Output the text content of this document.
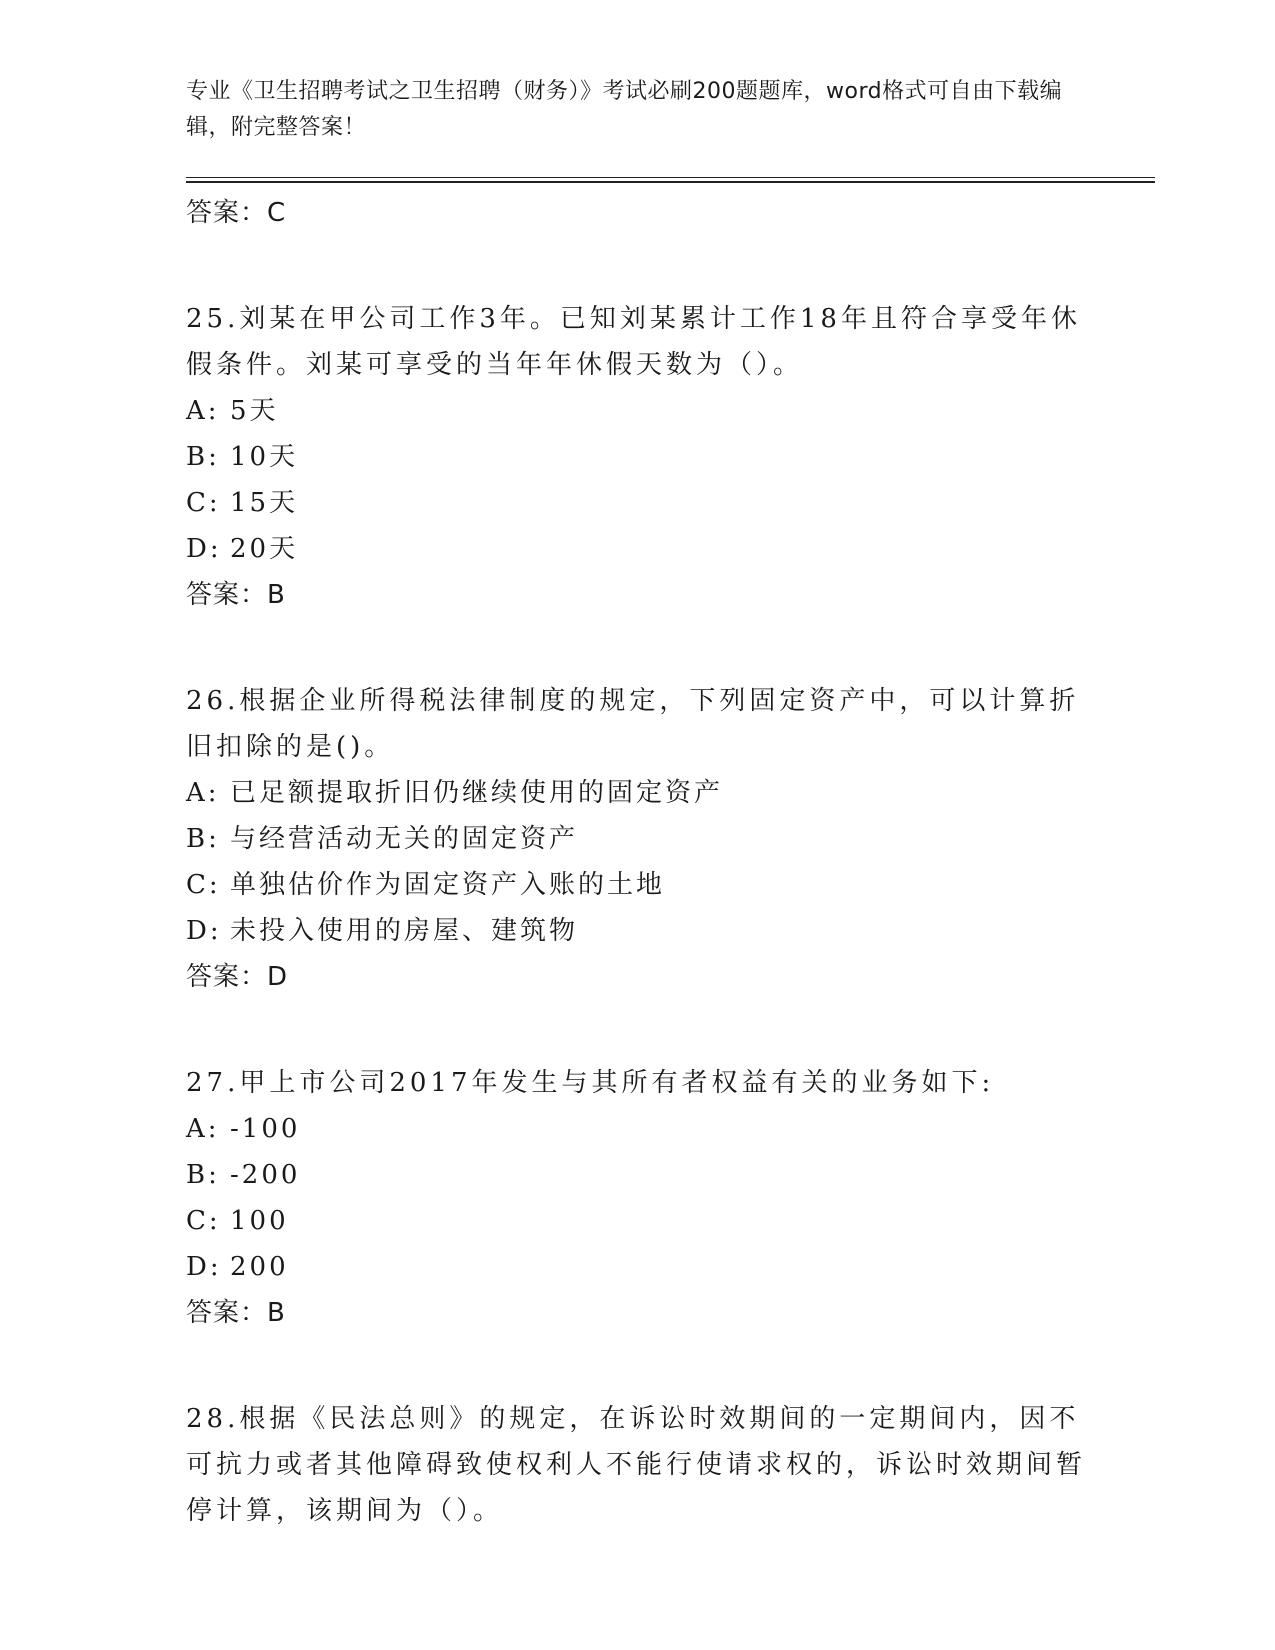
专业《卫生招聘考试之卫生招聘（财务）》考试必刷200题题库，word格式可自由下载编辑，附完整答案！
答案：C

25.刘某在甲公司工作3年。已知刘某累计工作18年且符合享受年休假条件。刘某可享受的当年年休假天数为（）。

A: 5天
B: 10天
C: 15天
D: 20天
答案：B

26.根据企业所得税法律制度的规定，下列固定资产中，可以计算折旧扣除的是()。

A: 已足额提取折旧仍继续使用的固定资产
B: 与经营活动无关的固定资产
C: 单独估价作为固定资产入账的土地
D: 未投入使用的房屋、建筑物
答案：D

27.甲上市公司2017年发生与其所有者权益有关的业务如下:

A: -100
B: -200
C: 100
D: 200
答案：B

28.根据《民法总则》的规定，在诉讼时效期间的一定期间内，因不可抗力或者其他障碍致使权利人不能行使请求权的，诉讼时效期间暂停计算，该期间为（）。
